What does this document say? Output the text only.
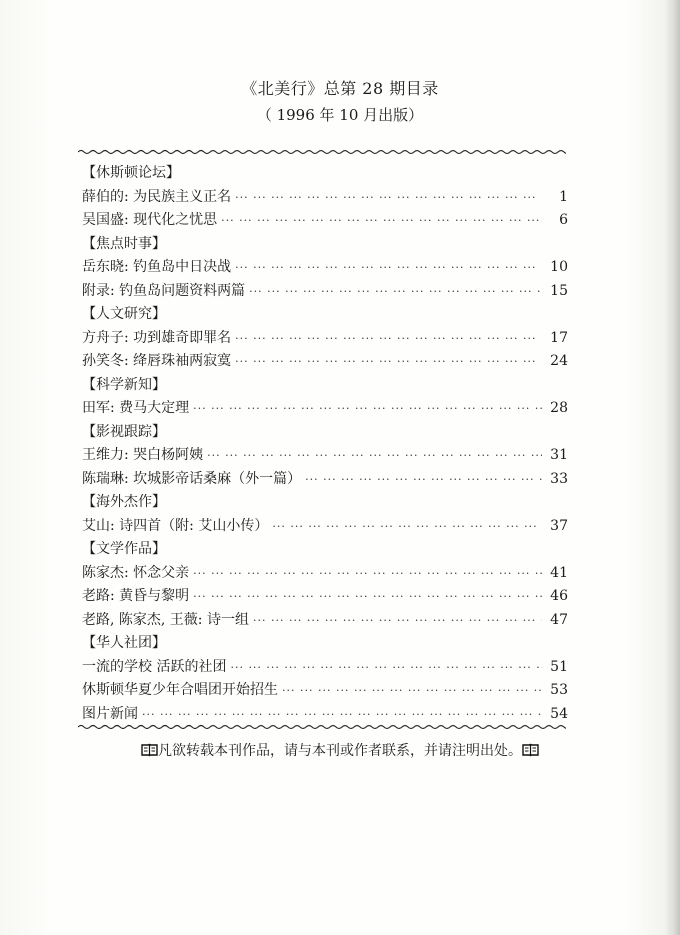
《北美行》总第 28 期目录
（ 1996 年 10 月出版）
【休斯顿论坛】
薛伯的: 为民族主义正名 ··· ·	1
吴国盛: 现代化之忧思 ··· ·	6
【焦点时事】
岳东晓: 钓鱼岛中日决战 ··· ·	10
附录: 钓鱼岛问题资料两篇 ··· ·	15
【人文研究】
方舟子: 功到雄奇即罪名 ··· ·	17
孙笑冬: 绛唇珠袖两寂寞 ··· ·	24
【科学新知】
田军: 费马大定理 ··· ·	28
【影视跟踪】
王维力: 哭白杨阿姨 ··· ·	31
陈瑞琳: 坎城影帝话桑麻（外一篇） ··· ·	33
【海外杰作】
艾山: 诗四首（附: 艾山小传） ··· ·	37
【文学作品】
陈家杰: 怀念父亲 ··· ·	41
老路: 黄昏与黎明 ··· ·	46
老路, 陈家杰, 王薇: 诗一组 ··· ·	47
【华人社团】
一流的学校 活跃的社团 ··· ·	51
休斯顿华夏少年合唱团开始招生 ··· ·	53
图片新闻 ··· ·	54
凡欲转载本刊作品，请与本刊或作者联系，并请注明出处。
